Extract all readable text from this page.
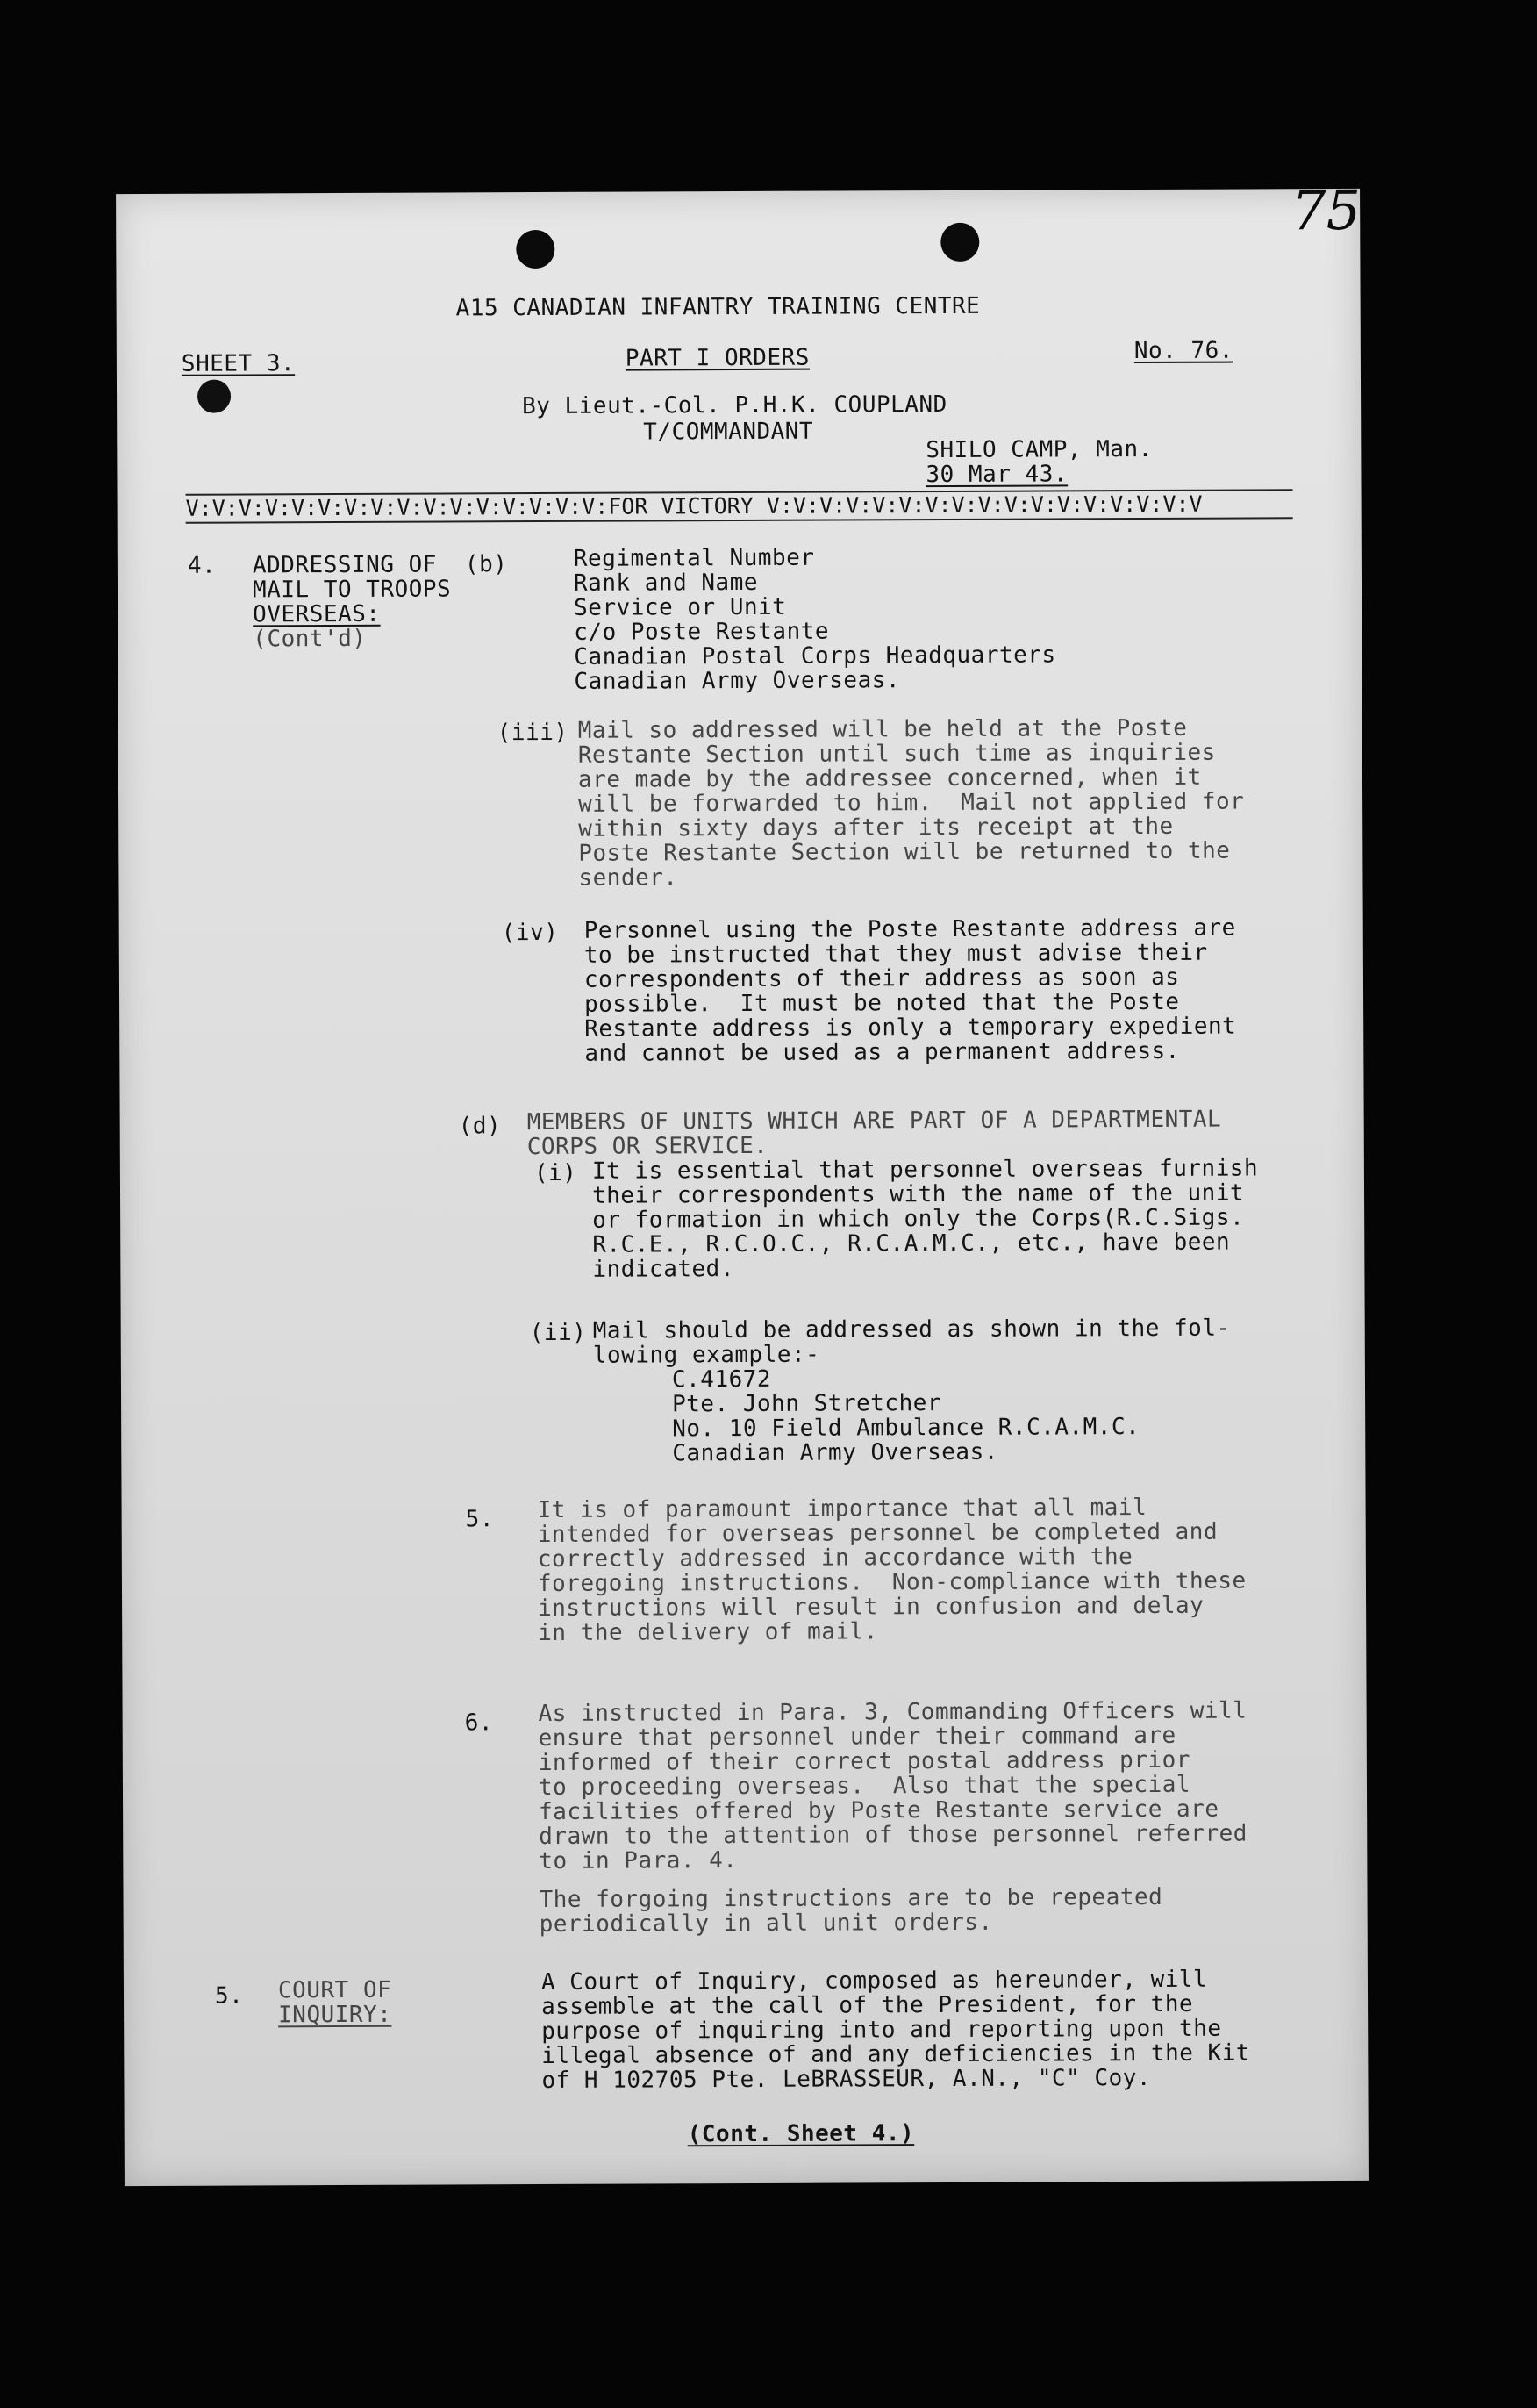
75
A15 CANADIAN INFANTRY TRAINING CENTRE
SHEET 3.	PART I ORDERS	No. 76.
By Lieut.-Col. P.H.K. COUPLAND
T/COMMANDANT
SHILO CAMP, Man.
30 Mar 43.
V:V:V:V:V:V:V:V:V:V:V:V:V:V:V:V:FOR VICTORY V:V:V:V:V:V:V:V:V:V:V:V:V:V:V:V:V
4. ADDRESSING OF
MAIL TO TROOPS
OVERSEAS:
(Cont'd)
(b)	Regimental Number
Rank and Name
Service or Unit
c/o Poste Restante
Canadian Postal Corps Headquarters
Canadian Army Overseas.
(iii) Mail so addressed will be held at the Poste
Restante Section until such time as inquiries
are made by the addressee concerned, when it
will be forwarded to him.  Mail not applied for
within sixty days after its receipt at the
Poste Restante Section will be returned to the
sender.
(iv) Personnel using the Poste Restante address are
to be instructed that they must advise their
correspondents of their address as soon as
possible.  It must be noted that the Poste
Restante address is only a temporary expedient
and cannot be used as a permanent address.
(d) MEMBERS OF UNITS WHICH ARE PART OF A DEPARTMENTAL
CORPS OR SERVICE.
(i) It is essential that personnel overseas furnish
their correspondents with the name of the unit
or formation in which only the Corps(R.C.Sigs.
R.C.E., R.C.O.C., R.C.A.M.C., etc., have been
indicated.
(ii) Mail should be addressed as shown in the fol-
lowing example:-
C.41672
Pte. John Stretcher
No. 10 Field Ambulance R.C.A.M.C.
Canadian Army Overseas.
5. It is of paramount importance that all mail
intended for overseas personnel be completed and
correctly addressed in accordance with the
foregoing instructions.  Non-compliance with these
instructions will result in confusion and delay
in the delivery of mail.
6. As instructed in Para. 3, Commanding Officers will
ensure that personnel under their command are
informed of their correct postal address prior
to proceeding overseas.  Also that the special
facilities offered by Poste Restante service are
drawn to the attention of those personnel referred
to in Para. 4.
The forgoing instructions are to be repeated
periodically in all unit orders.
5. COURT OF
INQUIRY:
A Court of Inquiry, composed as hereunder, will
assemble at the call of the President, for the
purpose of inquiring into and reporting upon the
illegal absence of and any deficiencies in the Kit
of H 102705 Pte. LeBRASSEUR, A.N., "C" Coy.
(Cont. Sheet 4.)
